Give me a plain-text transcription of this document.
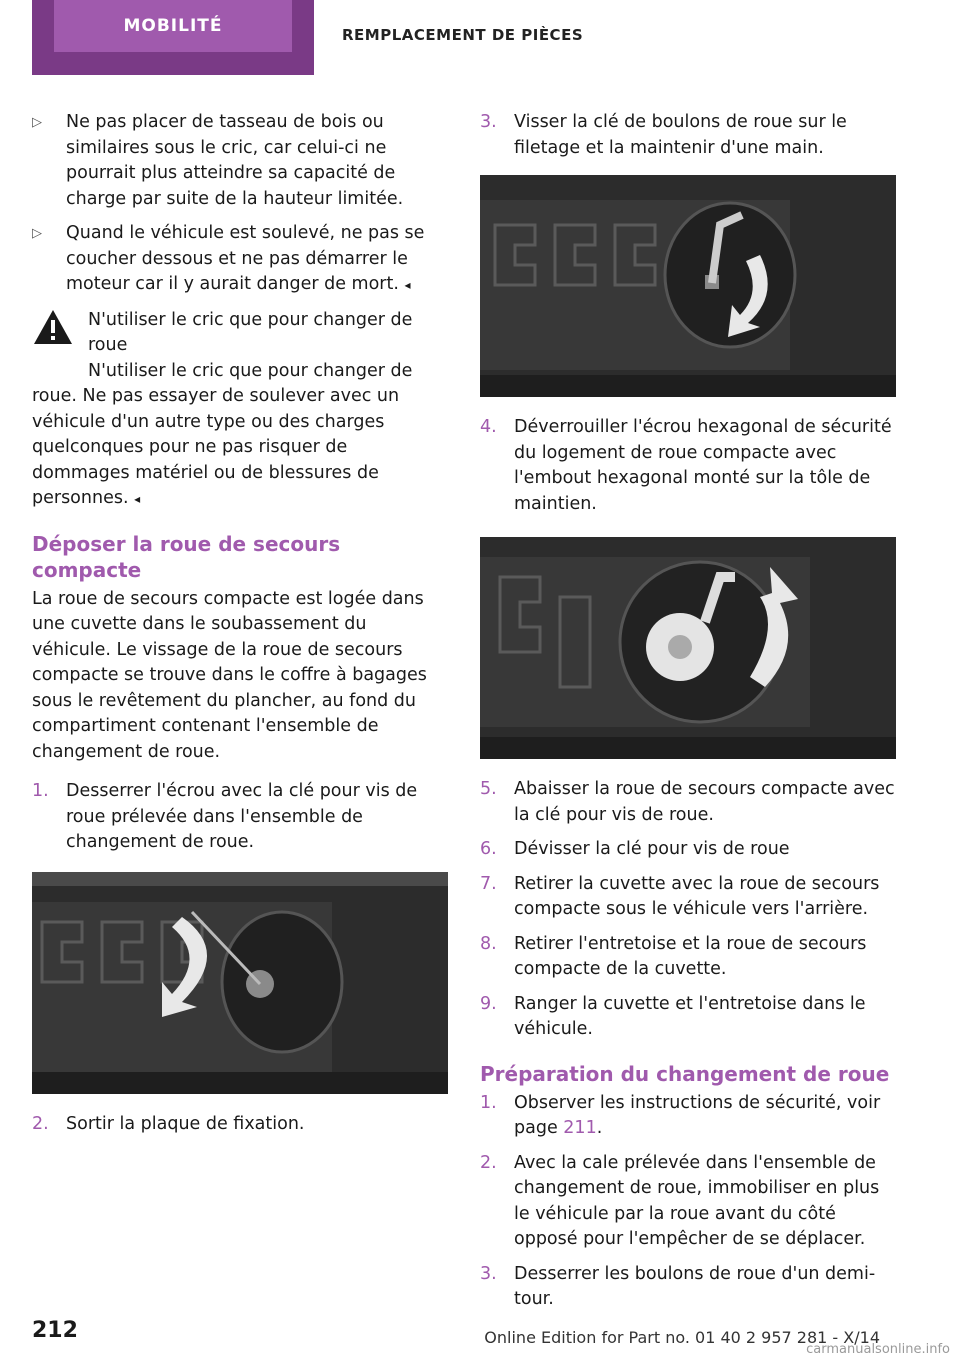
MOBILITÉ	REMPLACEMENT DE PIÈCES
▷	Ne pas placer de tasseau de bois ou similaires sous le cric, car celui-ci ne pourrait plus atteindre sa capacité de charge par suite de la hauteur limitée.
▷	Quand le véhicule est soulevé, ne pas se coucher dessous et ne pas démarrer le moteur car il y aurait danger de mort. ◂
N'utiliser le cric que pour changer de roue
N'utiliser le cric que pour changer de
roue. Ne pas essayer de soulever avec un véhicule d'un autre type ou des charges quelconques pour ne pas risquer de dommages matériel ou de blessures de personnes. ◂
Déposer la roue de secours compacte

La roue de secours compacte est logée dans une cuvette dans le soubassement du véhicule. Le vissage de la roue de secours compacte se trouve dans le coffre à bagages sous le revêtement du plancher, au fond du compartiment contenant l'ensemble de changement de roue.

1. Desserrer l'écrou avec la clé pour vis de roue prélevée dans l'ensemble de changement de roue.
2. Sortir la plaque de fixation.
3. Visser la clé de boulons de roue sur le filetage et la maintenir d'une main.
4. Déverrouiller l'écrou hexagonal de sécurité du logement de roue compacte avec l'embout hexagonal monté sur la tôle de maintien.
5. Abaisser la roue de secours compacte avec la clé pour vis de roue.
6. Dévisser la clé pour vis de roue
7. Retirer la cuvette avec la roue de secours compacte sous le véhicule vers l'arrière.
8. Retirer l'entretoise et la roue de secours compacte de la cuvette.
9. Ranger la cuvette et l'entretoise dans le véhicule.
Préparation du changement de roue
1. Observer les instructions de sécurité, voir page 211.
2. Avec la cale prélevée dans l'ensemble de changement de roue, immobiliser en plus le véhicule par la roue avant du côté opposé pour l'empêcher de se déplacer.
3. Desserrer les boulons de roue d'un demi-tour.
212	Online Edition for Part no. 01 40 2 957 281 - X/14
carmanualsonline.info
